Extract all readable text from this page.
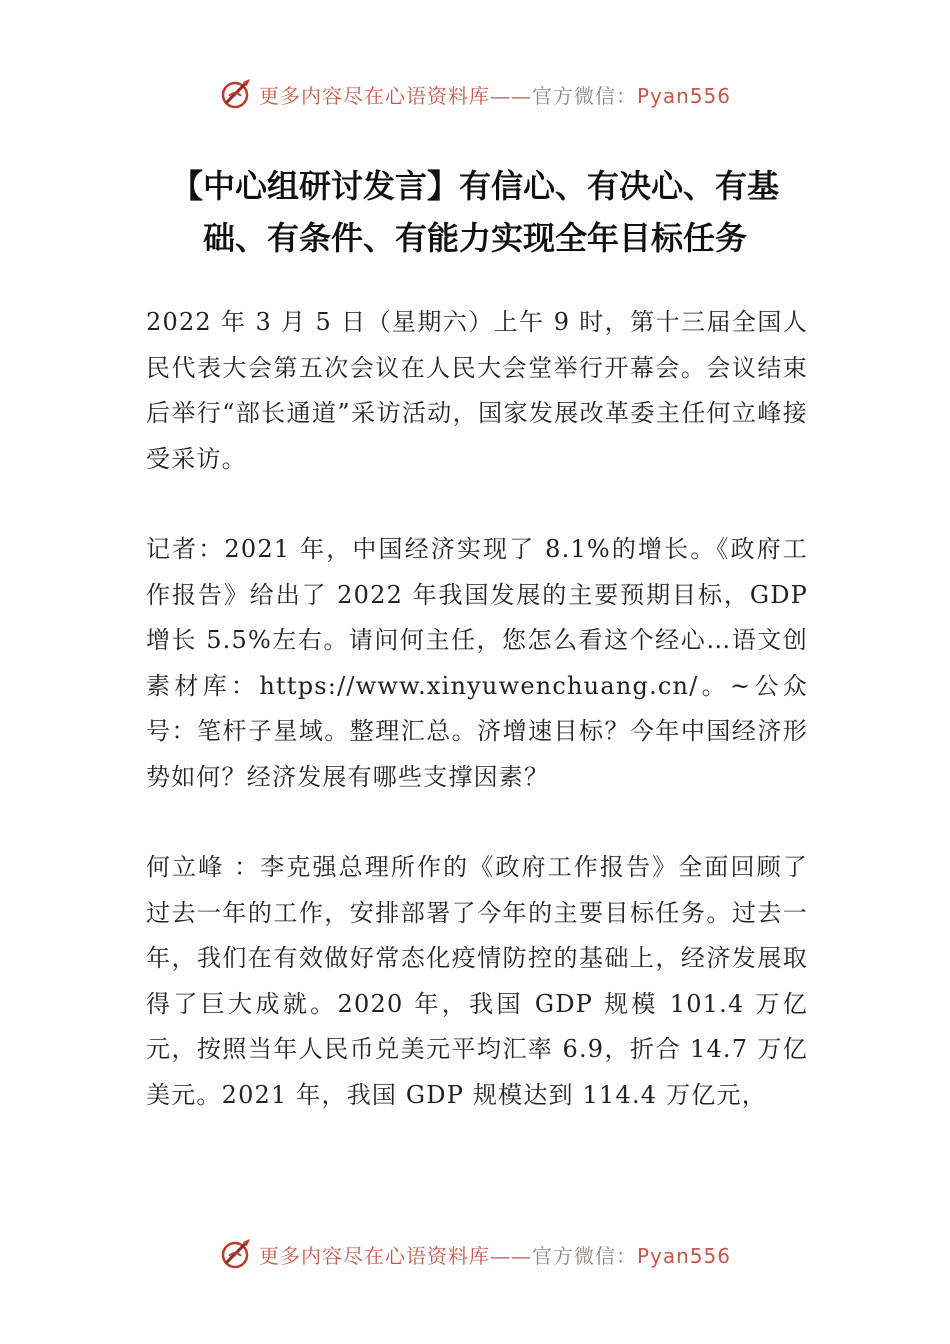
更多内容尽在心语资料库——官方微信：Pyan556
【中心组研讨发言】有信心、有决心、有基
础、有条件、有能力实现全年目标任务

2022 年 3 月 5 日（星期六）上午 9 时，第十三届全国人民代表大会第五次会议在人民大会堂举行开幕会。会议结束后举行“部长通道”采访活动，国家发展改革委主任何立峰接受采访。

记者：2021 年，中国经济实现了 8.1%的增长。《政府工作报告》给出了 2022 年我国发展的主要预期目标，GDP 增长 5.5%左右。请问何主任，您怎么看这个经心…语文创素材库：https://www.xinyuwenchuang.cn/。~公众号：笔杆子星域。整理汇总。济增速目标？今年中国经济形势如何？经济发展有哪些支撑因素？

何立峰 ：李克强总理所作的《政府工作报告》全面回顾了过去一年的工作，安排部署了今年的主要目标任务。过去一年，我们在有效做好常态化疫情防控的基础上，经济发展取得了巨大成就。2020 年，我国 GDP 规模 101.4 万亿元，按照当年人民币兑美元平均汇率 6.9，折合 14.7 万亿美元。2021 年，我国 GDP 规模达到 114.4 万亿元，

更多内容尽在心语资料库——官方微信：Pyan556
